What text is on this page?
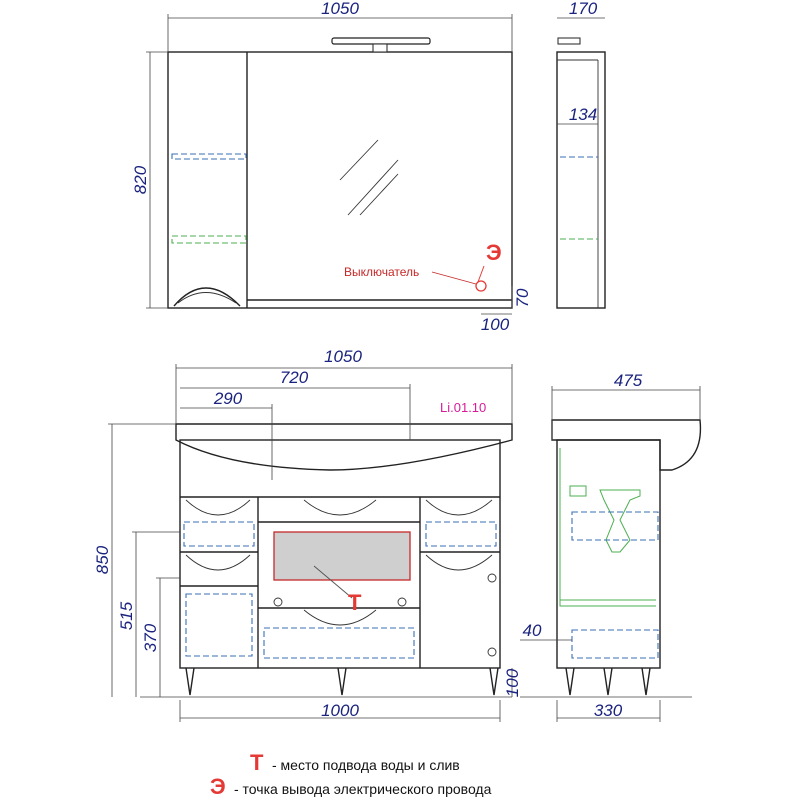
1050
820
Э
Выключатель
70
100
170
134
Т
1050
720
290	Li.01.10
850
515
370
100
1000
475
40
330
Т - место подвода воды и слив
Э - точка вывода электрического провода
